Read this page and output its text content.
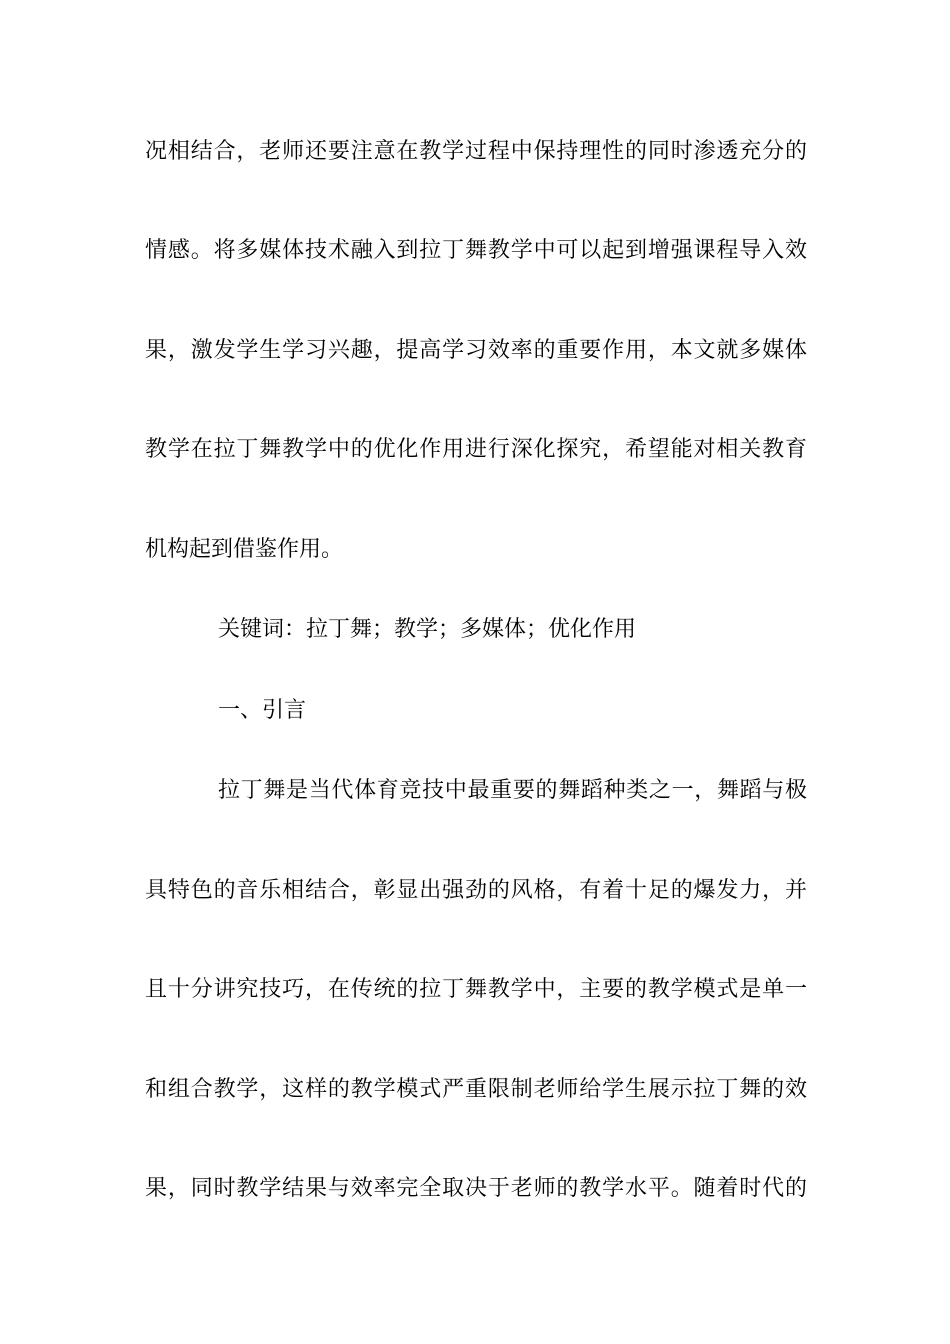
况相结合，老师还要注意在教学过程中保持理性的同时渗透充分的
情感。将多媒体技术融入到拉丁舞教学中可以起到增强课程导入效
果，激发学生学习兴趣，提高学习效率的重要作用，本文就多媒体
教学在拉丁舞教学中的优化作用进行深化探究，希望能对相关教育
机构起到借鉴作用。
关键词：拉丁舞；教学；多媒体；优化作用
一、引言
拉丁舞是当代体育竞技中最重要的舞蹈种类之一，舞蹈与极
具特色的音乐相结合，彰显出强劲的风格，有着十足的爆发力，并
且十分讲究技巧，在传统的拉丁舞教学中，主要的教学模式是单一
和组合教学，这样的教学模式严重限制老师给学生展示拉丁舞的效
果，同时教学结果与效率完全取决于老师的教学水平。随着时代的
